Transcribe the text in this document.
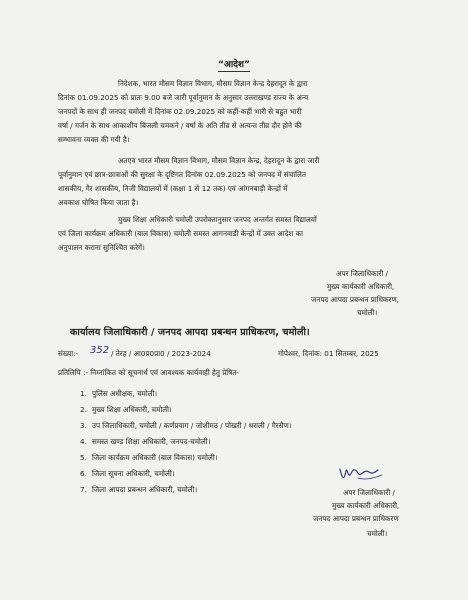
“आदेश”
निदेशक, भारत मौसम विज्ञान विभाग, मौसम विज्ञान केन्द्र देहरादून के द्वारा
दिनांक 01.09.2025 को प्रातः 9.00 बजे जारी पूर्वानुमान के अनुसार उत्तराखण्ड राज्य के अन्य
जनपदों के साथ ही जनपद चमोली में दिनांक 02.09.2025 को कहीं-कहीं भारी से बहुत भारी
वर्षा / गर्जन के साथ आकाशीय बिजली चमकने / वर्षा के अति तीव्र से अत्यन्त तीव्र दौर होने की
सम्भावना व्यक्त की गयी है।
अतएव भारत मौसम विज्ञान विभाग, मौसम विज्ञान केन्द्र, देहरादून के द्वारा जारी
पूर्वानुमान एवं छात्र-छात्राओं की सुरक्षा के दृष्टिगत दिनांक 02.09.2025 को जनपद में संचालित
शासकीय, गैर शासकीय, निजी विद्यालयों में (कक्षा 1 से 12 तक) एवं आंगनबाड़ी केन्द्रों में
अवकाश घोषित किया जाता है।
मुख्य शिक्षा अधिकारी चमोली उपरोक्तानुसार जनपद अन्तर्गत समस्त विद्यालयों
एवं जिला कार्यक्रम अधिकारी (बाल विकास) चमोली समस्त आगनवाडी केन्द्रों में उक्त आदेश का
अनुपालन कराना सुनिश्चित करेगें।
अपर जिलाधिकारी /
मुख्य कार्यकारी अधिकारी,
जनपद आपदा प्रबन्धन प्राधिकरण,
चमोली।
कार्यालय जिलाधिकारी / जनपद आपदा प्रबन्धन प्राधिकरण, चमोली।
संख्या:- 352 / तेरह / आ0प्र0प्रा0 / 2023-2024	गोपेश्वर, दिनांक: 01 सितम्बर, 2025
प्रतिलिपि :- निम्नांकित को सूचनार्थ एवं आवश्यक कार्यवाही हेतु प्रेषित-
1. पुलिस अधीक्षक, चमोली।
2. मुख्य शिक्षा अधिकारी, चमोली।
3. उप जिलाधिकारी, चमोली / कर्णप्रयाग / जोशीमठ / पोखरी / थराली / गैरसैण।
4. समस्त खण्ड शिक्षा अधिकारी, जनपद-चमोली।
5. जिला कार्यक्रम अधिकारी (बाल विकास) चमोली।
6. जिला सूचना अधिकारी, चमोली।
7. जिला आपदा प्रबन्धन अधिकारी, चमोली।	अपर जिलाधिकारी /
मुख्य कार्यकारी अधिकारी,
जनपद आपदा प्रबन्धन प्राधिकरण
चमोली।
